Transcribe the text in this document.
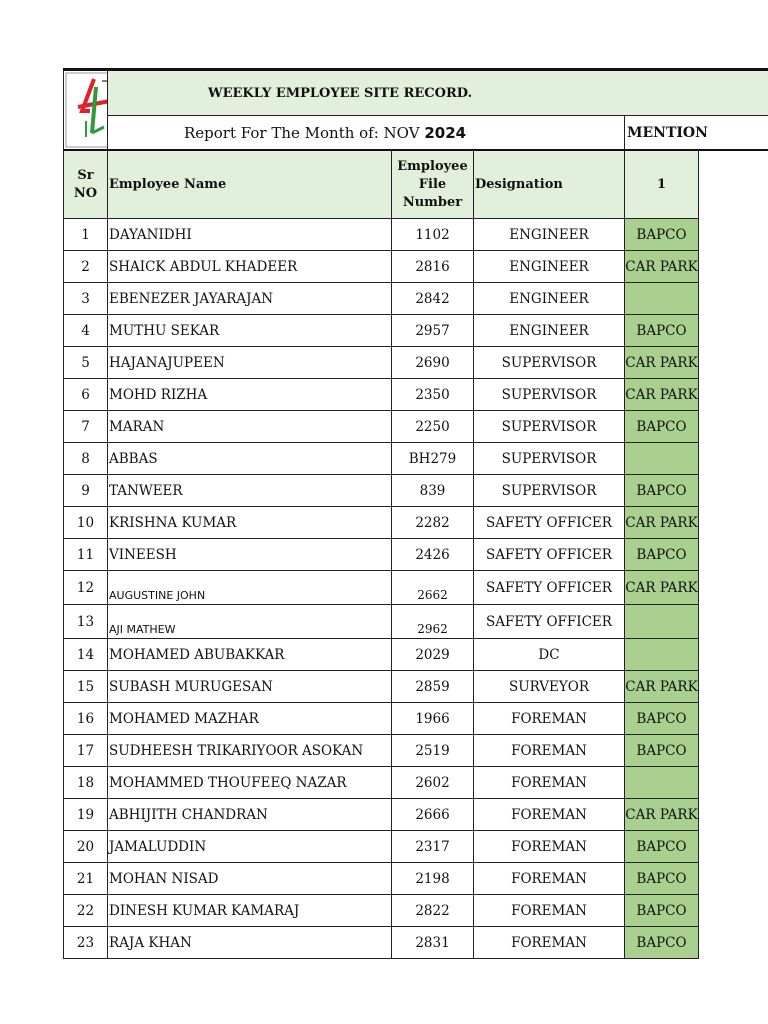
	WEEKLY EMPLOYEE SITE RECORD.				
	Report For The Month of: NOV 2024			MENTION	
Sr NO	Employee Name	Employee File Number	Designation	1	
1	DAYANIDHI	1102	ENGINEER	BAPCO	
2	SHAICK ABDUL KHADEER	2816	ENGINEER	CAR PARK	
3	EBENEZER JAYARAJAN	2842	ENGINEER		
4	MUTHU SEKAR	2957	ENGINEER	BAPCO	
5	HAJANAJUPEEN	2690	SUPERVISOR	CAR PARK	
6	MOHD RIZHA	2350	SUPERVISOR	CAR PARK	
7	MARAN	2250	SUPERVISOR	BAPCO	
8	ABBAS	BH279	SUPERVISOR		
9	TANWEER	839	SUPERVISOR	BAPCO	
10	KRISHNA KUMAR	2282	SAFETY OFFICER	CAR PARK	
11	VINEESH	2426	SAFETY OFFICER	BAPCO	
12	AUGUSTINE JOHN	2662	SAFETY OFFICER	CAR PARK	
13	AJI MATHEW	2962	SAFETY OFFICER		
14	MOHAMED ABUBAKKAR	2029	DC		
15	SUBASH MURUGESAN	2859	SURVEYOR	CAR PARK	
16	MOHAMED MAZHAR	1966	FOREMAN	BAPCO	
17	SUDHEESH TRIKARIYOOR ASOKAN	2519	FOREMAN	BAPCO	
18	MOHAMMED THOUFEEQ NAZAR	2602	FOREMAN		
19	ABHIJITH CHANDRAN	2666	FOREMAN	CAR PARK	
20	JAMALUDDIN	2317	FOREMAN	BAPCO	
21	MOHAN NISAD	2198	FOREMAN	BAPCO	
22	DINESH KUMAR KAMARAJ	2822	FOREMAN	BAPCO	
23	RAJA KHAN	2831	FOREMAN	BAPCO	
